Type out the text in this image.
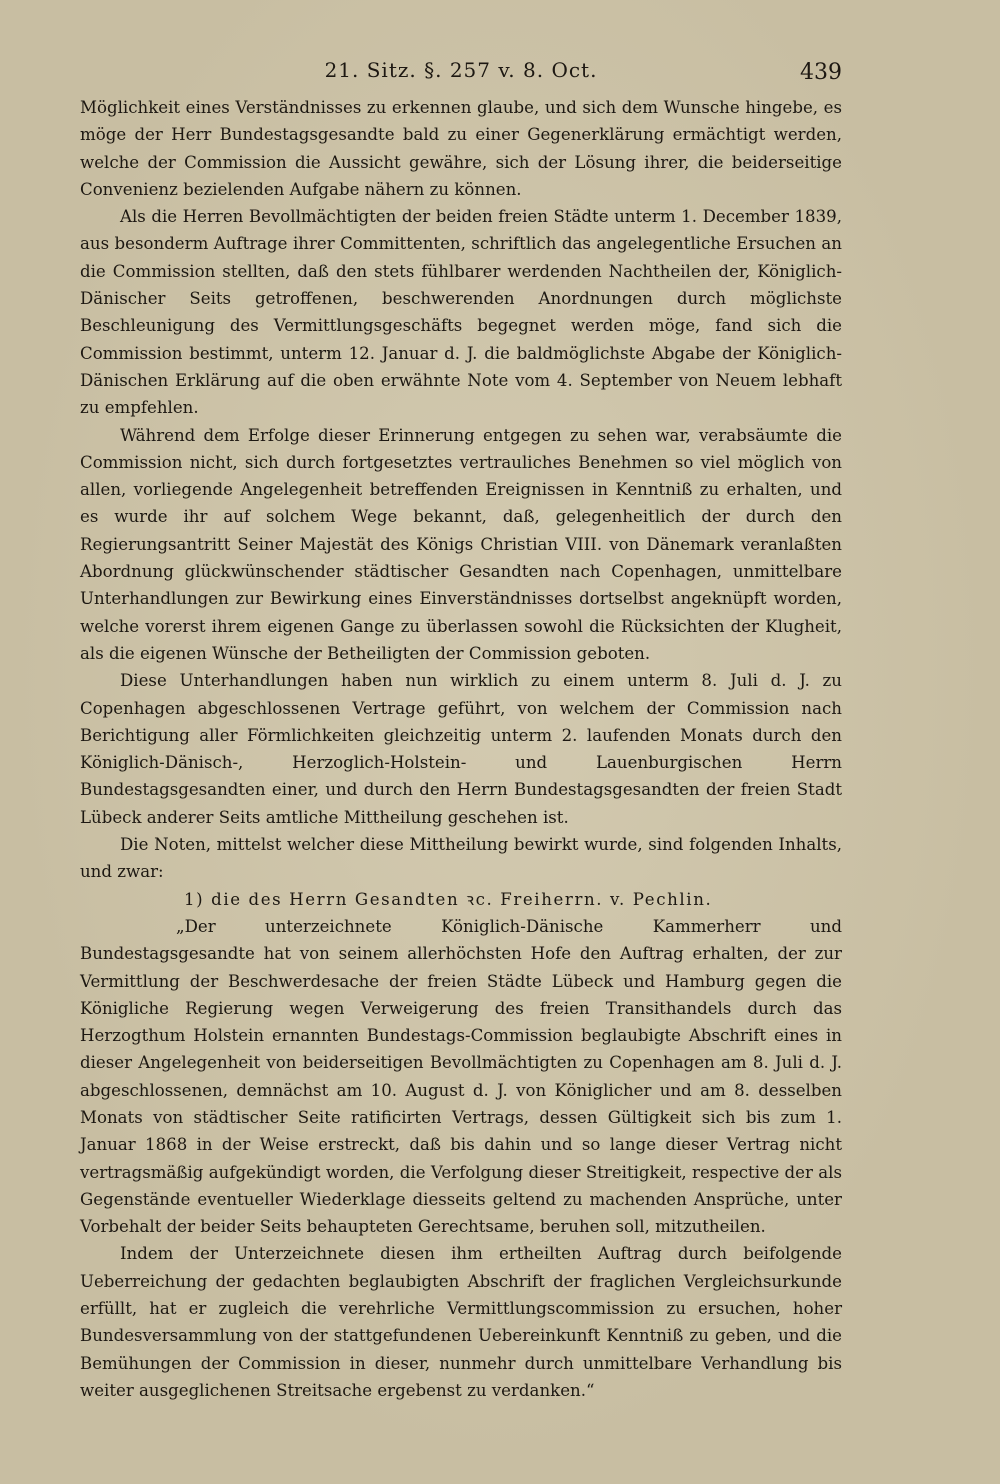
21. Sitz. §. 257 v. 8. Oct.	439

Möglichkeit eines Verständnisses zu erkennen glaube, und sich dem Wunsche hingebe, es möge der Herr Bundestagsgesandte bald zu einer Gegenerklärung ermächtigt werden, welche der Commission die Aussicht gewähre, sich der Lösung ihrer, die beiderseitige Convenienz bezielenden Aufgabe nähern zu können.

Als die Herren Bevollmächtigten der beiden freien Städte unterm 1. December 1839, aus besonderm Auftrage ihrer Committenten, schriftlich das angelegentliche Ersuchen an die Commission stellten, daß den stets fühlbarer werdenden Nachtheilen der, Königlich-Dänischer Seits getroffenen, beschwerenden Anordnungen durch möglichste Beschleunigung des Vermittlungsgeschäfts begegnet werden möge, fand sich die Commission bestimmt, unterm 12. Januar d. J. die baldmöglichste Abgabe der Königlich-Dänischen Erklärung auf die oben erwähnte Note vom 4. September von Neuem lebhaft zu empfehlen.

Während dem Erfolge dieser Erinnerung entgegen zu sehen war, verabsäumte die Commission nicht, sich durch fortgesetztes vertrauliches Benehmen so viel möglich von allen, vorliegende Angelegenheit betreffenden Ereignissen in Kenntniß zu erhalten, und es wurde ihr auf solchem Wege bekannt, daß, gelegenheitlich der durch den Regierungsantritt Seiner Majestät des Königs Christian VIII. von Dänemark veranlaßten Abordnung glückwünschender städtischer Gesandten nach Copenhagen, unmittelbare Unterhandlungen zur Bewirkung eines Einverständnisses dortselbst angeknüpft worden, welche vorerst ihrem eigenen Gange zu überlassen sowohl die Rücksichten der Klugheit, als die eigenen Wünsche der Betheiligten der Commission geboten.

Diese Unterhandlungen haben nun wirklich zu einem unterm 8. Juli d. J. zu Copenhagen abgeschlossenen Vertrage geführt, von welchem der Commission nach Berichtigung aller Förmlichkeiten gleichzeitig unterm 2. laufenden Monats durch den Königlich-Dänisch-, Herzoglich-Holstein- und Lauenburgischen Herrn Bundestagsgesandten einer, und durch den Herrn Bundestagsgesandten der freien Stadt Lübeck anderer Seits amtliche Mittheilung geschehen ist.

Die Noten, mittelst welcher diese Mittheilung bewirkt wurde, sind folgenden Inhalts, und zwar:

1) die des Herrn Gesandten ꝛc. Freiherrn. v. Pechlin.

„Der unterzeichnete Königlich-Dänische Kammerherr und Bundestagsgesandte hat von seinem allerhöchsten Hofe den Auftrag erhalten, der zur Vermittlung der Beschwerdesache der freien Städte Lübeck und Hamburg gegen die Königliche Regierung wegen Verweigerung des freien Transithandels durch das Herzogthum Holstein ernannten Bundestags-Commission beglaubigte Abschrift eines in dieser Angelegenheit von beiderseitigen Bevollmächtigten zu Copenhagen am 8. Juli d. J. abgeschlossenen, demnächst am 10. August d. J. von Königlicher und am 8. desselben Monats von städtischer Seite ratificirten Vertrags, dessen Gültigkeit sich bis zum 1. Januar 1868 in der Weise erstreckt, daß bis dahin und so lange dieser Vertrag nicht vertragsmäßig aufgekündigt worden, die Verfolgung dieser Streitigkeit, respective der als Gegenstände eventueller Wiederklage diesseits geltend zu machenden Ansprüche, unter Vorbehalt der beider Seits behaupteten Gerechtsame, beruhen soll, mitzutheilen.

Indem der Unterzeichnete diesen ihm ertheilten Auftrag durch beifolgende Ueberreichung der gedachten beglaubigten Abschrift der fraglichen Vergleichsurkunde erfüllt, hat er zugleich die verehrliche Vermittlungscommission zu ersuchen, hoher Bundesversammlung von der stattgefundenen Uebereinkunft Kenntniß zu geben, und die Bemühungen der Commission in dieser, nunmehr durch unmittelbare Verhandlung bis weiter ausgeglichenen Streitsache ergebenst zu verdanken.“
